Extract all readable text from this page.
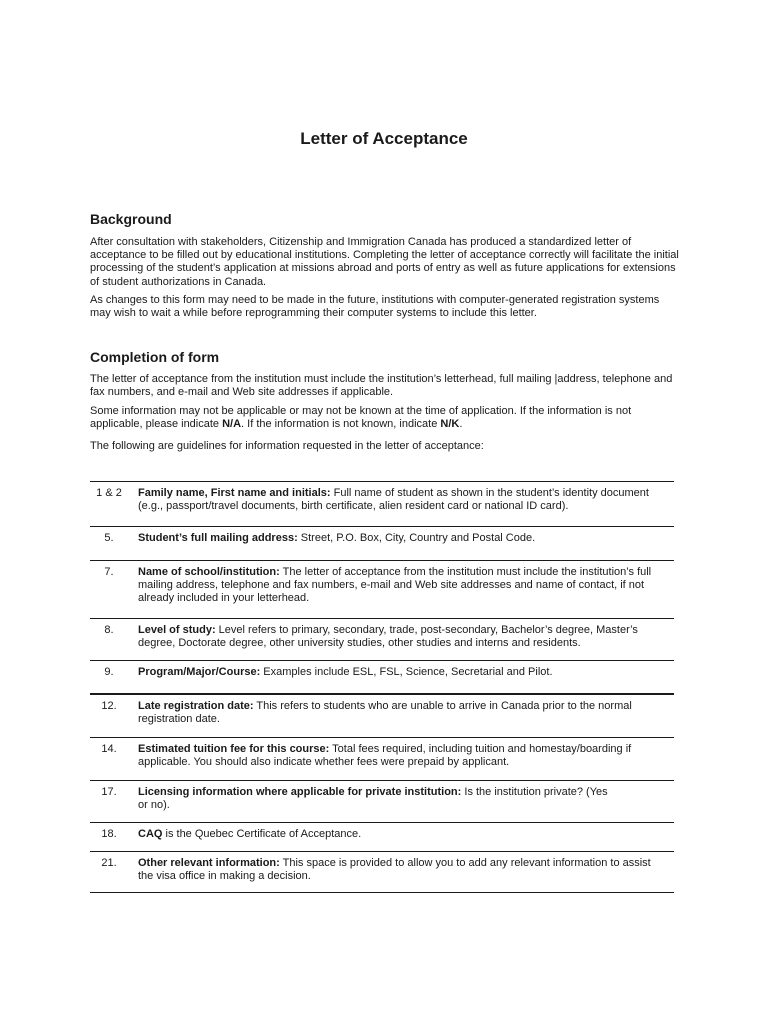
Letter of Acceptance
Background

After consultation with stakeholders, Citizenship and Immigration Canada has produced a standardized letter of acceptance to be filled out by educational institutions. Completing the letter of acceptance correctly will facilitate the initial processing of the student’s application at missions abroad and ports of entry as well as future applications for extensions of student authorizations in Canada.

As changes to this form may need to be made in the future, institutions with computer-generated registration systems may wish to wait a while before reprogramming their computer systems to include this letter.

Completion of form

The letter of acceptance from the institution must include the institution’s letterhead, full mailing |address, telephone and fax numbers, and e-mail and Web site addresses if applicable.

Some information may not be applicable or may not be known at the time of application. If the information is not applicable, please indicate N/A. If the information is not known, indicate N/K.

The following are guidelines for information requested in the letter of acceptance:

1 & 2	Family name, First name and initials: Full name of student as shown in the student’s identity document (e.g., passport/travel documents, birth certificate, alien resident card or national ID card).
5.	Student’s full mailing address: Street, P.O. Box, City, Country and Postal Code.
7.	Name of school/institution: The letter of acceptance from the institution must include the institution’s full mailing address, telephone and fax numbers, e-mail and Web site addresses and name of contact, if not already included in your letterhead.
8.	Level of study: Level refers to primary, secondary, trade, post-secondary, Bachelor’s degree, Master’s degree, Doctorate degree, other university studies, other studies and interns and residents.
9.	Program/Major/Course: Examples include ESL, FSL, Science, Secretarial and Pilot.
12.	Late registration date: This refers to students who are unable to arrive in Canada prior to the normal registration date.
14.	Estimated tuition fee for this course: Total fees required, including tuition and homestay/boarding if applicable. You should also indicate whether fees were prepaid by applicant.
17.	Licensing information where applicable for private institution: Is the institution private? (Yes or no).
18.	CAQ is the Quebec Certificate of Acceptance.
21.	Other relevant information: This space is provided to allow you to add any relevant information to assist the visa office in making a decision.
